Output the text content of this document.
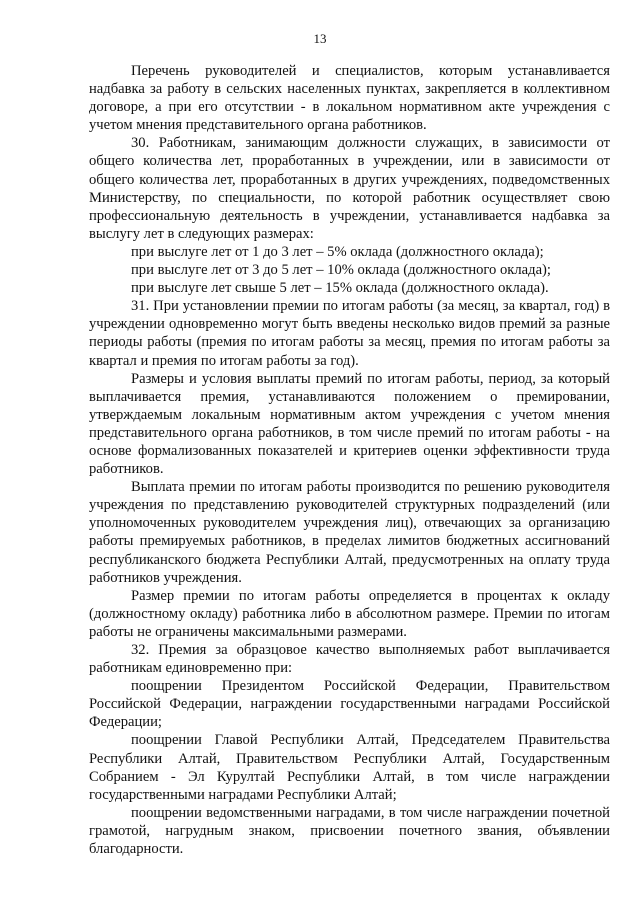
13

Перечень руководителей и специалистов, которым устанавливается надбавка за работу в сельских населенных пунктах, закрепляется в коллективном договоре, а при его отсутствии - в локальном нормативном акте учреждения с учетом мнения представительного органа работников.

30. Работникам, занимающим должности служащих, в зависимости от общего количества лет, проработанных в учреждении, или в зависимости от общего количества лет, проработанных в других учреждениях, подведомственных Министерству, по специальности, по которой работник осуществляет свою профессиональную деятельность в учреждении, устанавливается надбавка за выслугу лет в следующих размерах:

при выслуге лет от 1 до 3 лет – 5% оклада (должностного оклада);

при выслуге лет от 3 до 5 лет – 10% оклада (должностного оклада);

при выслуге лет свыше 5 лет – 15% оклада (должностного оклада).

31. При установлении премии по итогам работы (за месяц, за квартал, год) в учреждении одновременно могут быть введены несколько видов премий за разные периоды работы (премия по итогам работы за месяц, премия по итогам работы за квартал и премия по итогам работы за год).

Размеры и условия выплаты премий по итогам работы, период, за который выплачивается премия, устанавливаются положением о премировании, утверждаемым локальным нормативным актом учреждения с учетом мнения представительного органа работников, в том числе премий по итогам работы - на основе формализованных показателей и критериев оценки эффективности труда работников.

Выплата премии по итогам работы производится по решению руководителя учреждения по представлению руководителей структурных подразделений (или уполномоченных руководителем учреждения лиц), отвечающих за организацию работы премируемых работников, в пределах лимитов бюджетных ассигнований республиканского бюджета Республики Алтай, предусмотренных на оплату труда работников учреждения.

Размер премии по итогам работы определяется в процентах к окладу (должностному окладу) работника либо в абсолютном размере. Премии по итогам работы не ограничены максимальными размерами.

32. Премия за образцовое качество выполняемых работ выплачивается работникам единовременно при:

поощрении Президентом Российской Федерации, Правительством Российской Федерации, награждении государственными наградами Российской Федерации;

поощрении Главой Республики Алтай, Председателем Правительства Республики Алтай, Правительством Республики Алтай, Государственным Собранием - Эл Курултай Республики Алтай, в том числе награждении государственными наградами Республики Алтай;

поощрении ведомственными наградами, в том числе награждении почетной грамотой, нагрудным знаком, присвоении почетного звания, объявлении благодарности.
